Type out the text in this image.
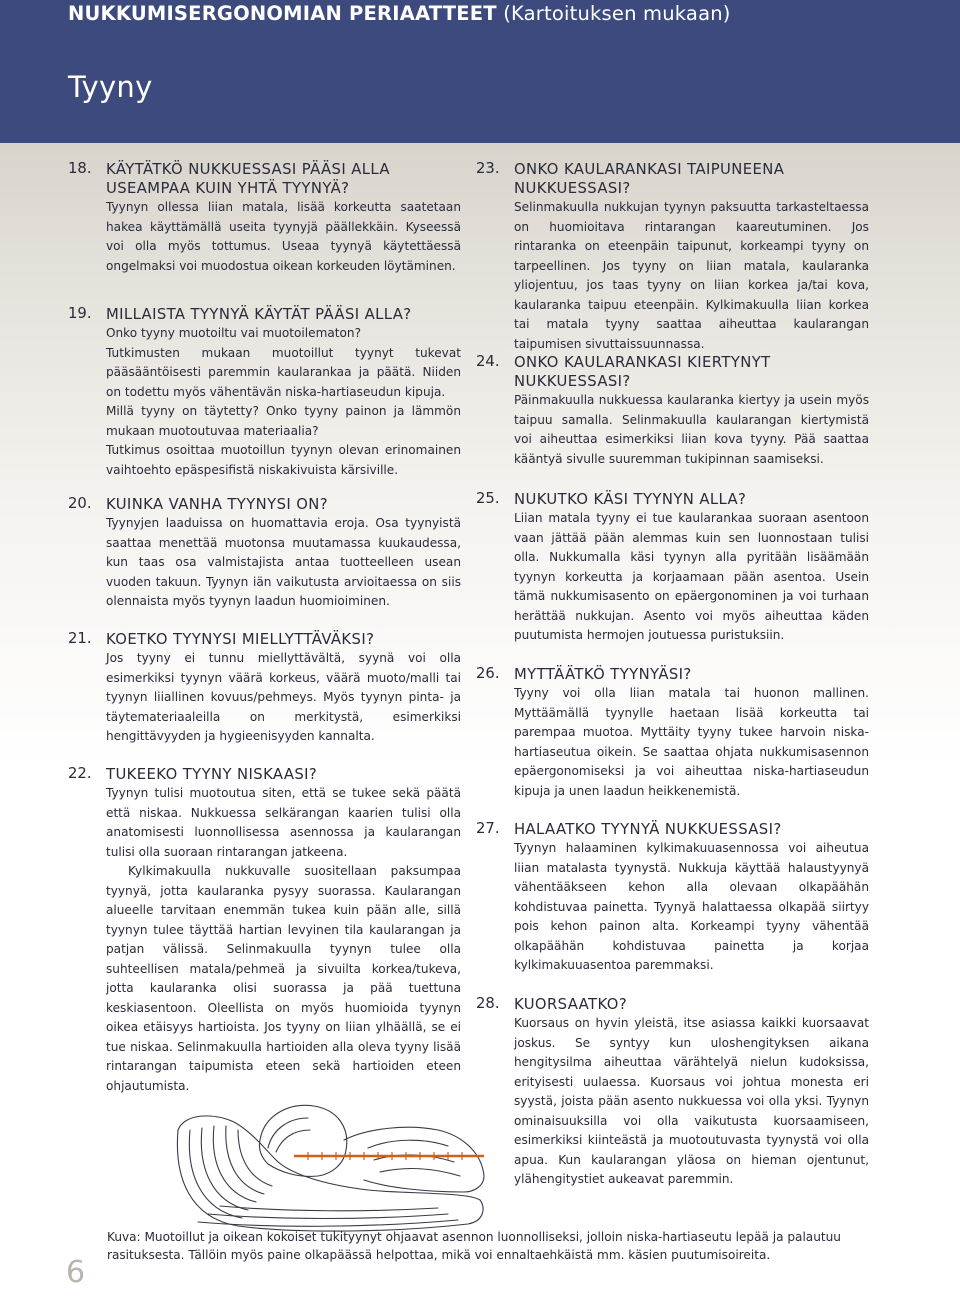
NUKKUMISERGONOMIAN PERIAATTEET (Kartoituksen mukaan)
Tyyny
18. KÄYTÄTKÖ NUKKUESSASI PÄÄSI ALLA USEAMPAA KUIN YHTÄ TYYNYÄ?

Tyynyn ollessa liian matala, lisää korkeutta saatetaan hakea käyttämällä useita tyynyjä päällekkäin. Kyseessä voi olla myös tottumus. Useaa tyynyä käytettäessä ongelmaksi voi muodostua oikean korkeuden löytäminen.

19. MILLAISTA TYYNYÄ KÄYTÄT PÄÄSI ALLA?

Onko tyyny muotoiltu vai muotoilematon?

Tutkimusten mukaan muotoillut tyynyt tukevat pääsääntöisesti paremmin kaularankaa ja päätä. Niiden on todettu myös vähentävän niska-hartiaseudun kipuja.

Millä tyyny on täytetty? Onko tyyny painon ja lämmön mukaan muotoutuvaa materiaalia?

Tutkimus osoittaa muotoillun tyynyn olevan erinomainen vaihtoehto epäspesifistä niskakivuista kärsiville.

20. KUINKA VANHA TYYNYSI ON?

Tyynyjen laaduissa on huomattavia eroja. Osa tyynyistä saattaa menettää muotonsa muutamassa kuukaudessa, kun taas osa valmistajista antaa tuotteelleen usean vuoden takuun. Tyynyn iän vaikutusta arvioitaessa on siis olennaista myös tyynyn laadun huomioiminen.

21. KOETKO TYYNYSI MIELLYTTÄVÄKSI?

Jos tyyny ei tunnu miellyttävältä, syynä voi olla esimerkiksi tyynyn väärä korkeus, väärä muoto/malli tai tyynyn liiallinen kovuus/pehmeys. Myös tyynyn pinta- ja täytemateriaaleilla on merkitystä, esimerkiksi hengittävyyden ja hygieenisyyden kannalta.

22. TUKEEKO TYYNY NISKAASI?

Tyynyn tulisi muotoutua siten, että se tukee sekä päätä että niskaa. Nukkuessa selkärangan kaarien tulisi olla anatomisesti luonnollisessa asennossa ja kaularangan tulisi olla suoraan rintarangan jatkeena.

Kylkimakuulla nukkuvalle suositellaan paksumpaa tyynyä, jotta kaularanka pysyy suorassa. Kaularangan alueelle tarvitaan enemmän tukea kuin pään alle, sillä tyynyn tulee täyttää hartian levyinen tila kaularangan ja patjan välissä. Selinmakuulla tyynyn tulee olla suhteellisen matala/pehmeä ja sivuilta korkea/tukeva, jotta kaularanka olisi suorassa ja pää tuettuna keskiasentoon. Oleellista on myös huomioida tyynyn oikea etäisyys hartioista. Jos tyyny on liian ylhäällä, se ei tue niskaa. Selinmakuulla hartioiden alla oleva tyyny lisää rintarangan taipumista eteen sekä hartioiden eteen ohjautumista.

23. ONKO KAULARANKASI TAIPUNEENA NUKKUESSASI?

Selinmakuulla nukkujan tyynyn paksuutta tarkasteltaessa on huomioitava rintarangan kaareutuminen. Jos rintaranka on eteenpäin taipunut, korkeampi tyyny on tarpeellinen. Jos tyyny on liian matala, kaularanka yliojentuu, jos taas tyyny on liian korkea ja/tai kova, kaularanka taipuu eteenpäin. Kylkimakuulla liian korkea tai matala tyyny saattaa aiheuttaa kaularangan taipumisen sivuttaissuunnassa.

24. ONKO KAULARANKASI KIERTYNYT NUKKUESSASI?

Päinmakuulla nukkuessa kaularanka kiertyy ja usein myös taipuu samalla. Selinmakuulla kaularangan kiertymistä voi aiheuttaa esimerkiksi liian kova tyyny. Pää saattaa kääntyä sivulle suuremman tukipinnan saamiseksi.

25. NUKUTKO KÄSI TYYNYN ALLA?

Liian matala tyyny ei tue kaularankaa suoraan asentoon vaan jättää pään alemmas kuin sen luonnostaan tulisi olla. Nukkumalla käsi tyynyn alla pyritään lisäämään tyynyn korkeutta ja korjaamaan pään asentoa. Usein tämä nukkumisasento on epäergonominen ja voi turhaan herättää nukkujan. Asento voi myös aiheuttaa käden puutumista hermojen joutuessa puristuksiin.

26. MYTTÄÄTKÖ TYYNYÄSI?

Tyyny voi olla liian matala tai huonon mallinen. Myttäämällä tyynylle haetaan lisää korkeutta tai parempaa muotoa. Myttäity tyyny tukee harvoin niska-hartiaseutua oikein. Se saattaa ohjata nukkumisasennon epäergonomiseksi ja voi aiheuttaa niska-hartiaseudun kipuja ja unen laadun heikkenemistä.

27. HALAATKO TYYNYÄ NUKKUESSASI?

Tyynyn halaaminen kylkimakuuasennossa voi aiheutua liian matalasta tyynystä. Nukkuja käyttää halaustyynyä vähentääkseen kehon alla olevaan olkapäähän kohdistuvaa painetta. Tyynyä halattaessa olkapää siirtyy pois kehon painon alta. Korkeampi tyyny vähentää olkapäähän kohdistuvaa painetta ja korjaa kylkimakuuasentoa paremmaksi.

28. KUORSAATKO?

Kuorsaus on hyvin yleistä, itse asiassa kaikki kuorsaavat joskus. Se syntyy kun uloshengityksen aikana hengitysilma aiheuttaa värähtelyä nielun kudoksissa, erityisesti uulaessa. Kuorsaus voi johtua monesta eri syystä, joista pään asento nukkuessa voi olla yksi. Tyynyn ominaisuuksilla voi olla vaikutusta kuorsaamiseen, esimerkiksi kiinteästä ja muotoutuvasta tyynystä voi olla apua. Kun kaularangan yläosa on hieman ojentunut, ylähengitystiet aukeavat paremmin.

Kuva: Muotoillut ja oikean kokoiset tukityynyt ohjaavat asennon luonnolliseksi, jolloin niska-hartiaseutu lepää ja palautuu rasituksesta. Tällöin myös paine olkapäässä helpottaa, mikä voi ennaltaehkäistä mm. käsien puutumisoireita.
6
